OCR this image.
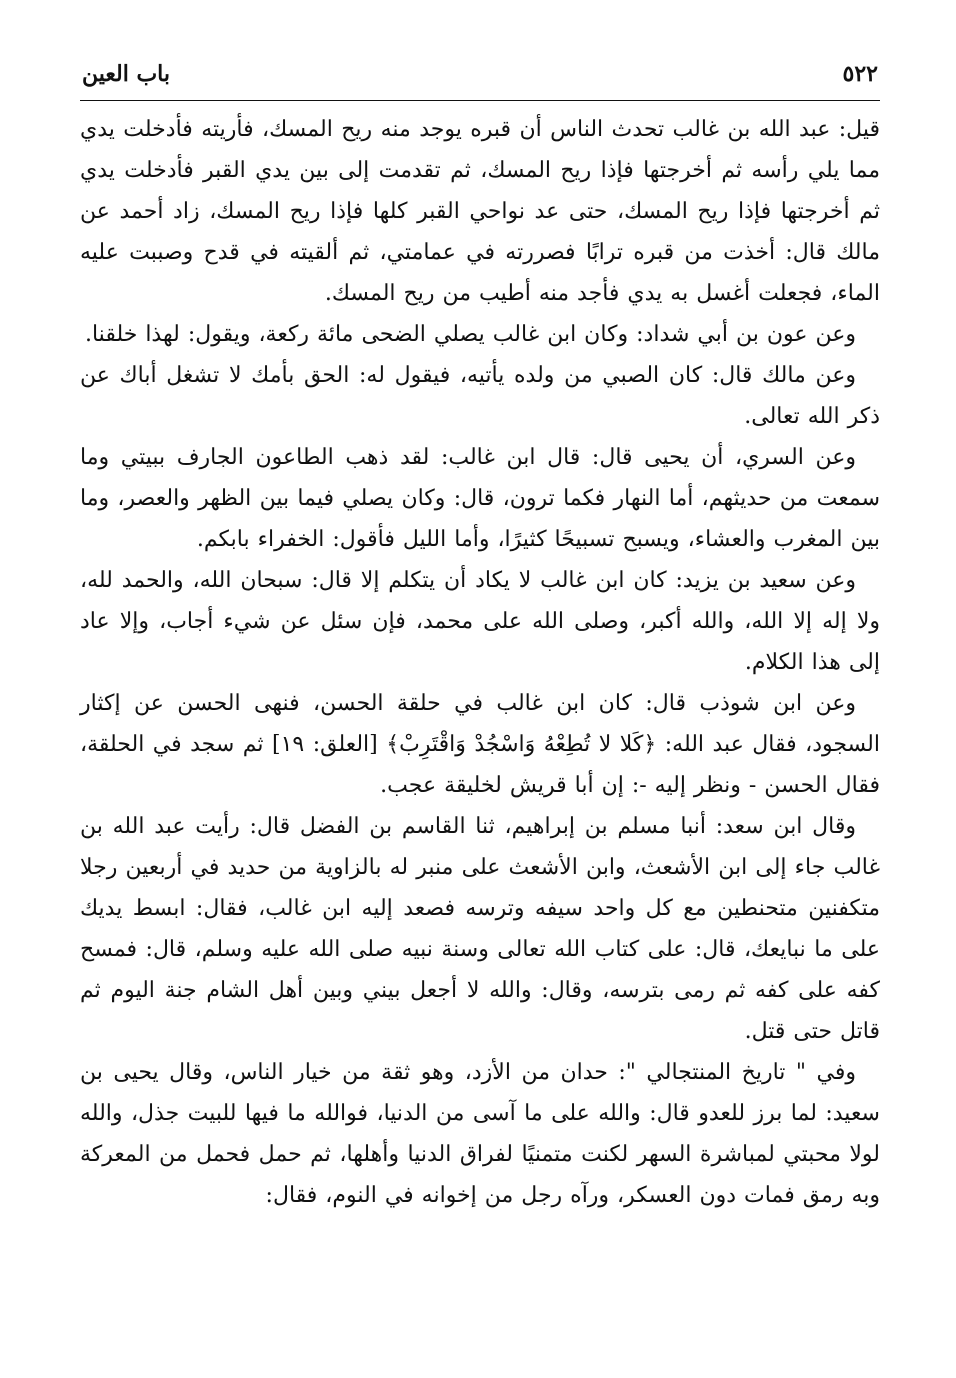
٥٢٢
باب العين

قيل: عبد الله بن غالب تحدث الناس أن قبره يوجد منه ريح المسك، فأريته فأدخلت يدي مما يلي رأسه ثم أخرجتها فإذا ريح المسك، ثم تقدمت إلى بين يدي القبر فأدخلت يدي ثم أخرجتها فإذا ريح المسك، حتى عد نواحي القبر كلها فإذا ريح المسك، زاد أحمد عن مالك قال: أخذت من قبره ترابًا فصررته في عمامتي، ثم ألقيته في قدح وصببت عليه الماء، فجعلت أغسل به يدي فأجد منه أطيب من ريح المسك.

وعن عون بن أبي شداد: وكان ابن غالب يصلي الضحى مائة ركعة، ويقول: لهذا خلقنا.

وعن مالك قال: كان الصبي من ولده يأتيه، فيقول له: الحق بأمك لا تشغل أباك عن ذكر الله تعالى.

وعن السري، أن يحيى قال: قال ابن غالب: لقد ذهب الطاعون الجارف ببيتي وما سمعت من حديثهم، أما النهار فكما ترون، قال: وكان يصلي فيما بين الظهر والعصر، وما بين المغرب والعشاء، ويسبح تسبيحًا كثيرًا، وأما الليل فأقول: الخفراء بابكم.

وعن سعيد بن يزيد: كان ابن غالب لا يكاد أن يتكلم إلا قال: سبحان الله، والحمد لله، ولا إله إلا الله، والله أكبر، وصلى الله على محمد، فإن سئل عن شيء أجاب، وإلا عاد إلى هذا الكلام.

وعن ابن شوذب قال: كان ابن غالب في حلقة الحسن، فنهى الحسن عن إكثار السجود، فقال عبد الله: ﴿كَلا لا تُطِعْهُ وَاسْجُدْ وَاقْتَرِبْ﴾ [العلق: ١٩] ثم سجد في الحلقة، فقال الحسن - ونظر إليه -: إن أبا قريش لخليقة عجب.

وقال ابن سعد: أنبا مسلم بن إبراهيم، ثنا القاسم بن الفضل قال: رأيت عبد الله بن غالب جاء إلى ابن الأشعث، وابن الأشعث على منبر له بالزاوية من حديد في أربعين رجلا متكفنين متحنطين مع كل واحد سيفه وترسه فصعد إليه ابن غالب، فقال: ابسط يديك على ما نبايعك، قال: على كتاب الله تعالى وسنة نبيه صلى الله عليه وسلم، قال: فمسح كفه على كفه ثم رمى بترسه، وقال: والله لا أجعل بيني وبين أهل الشام جنة اليوم ثم قاتل حتى قتل.

وفي " تاريخ المنتجالي ": حدان من الأزد، وهو ثقة من خيار الناس، وقال يحيى بن سعيد: لما برز للعدو قال: والله على ما آسى من الدنيا، فوالله ما فيها للبيت جذل، والله لولا محبتي لمباشرة السهر لكنت متمنيًا لفراق الدنيا وأهلها، ثم حمل فحمل من المعركة وبه رمق فمات دون العسكر، ورآه رجل من إخوانه في النوم، فقال:
